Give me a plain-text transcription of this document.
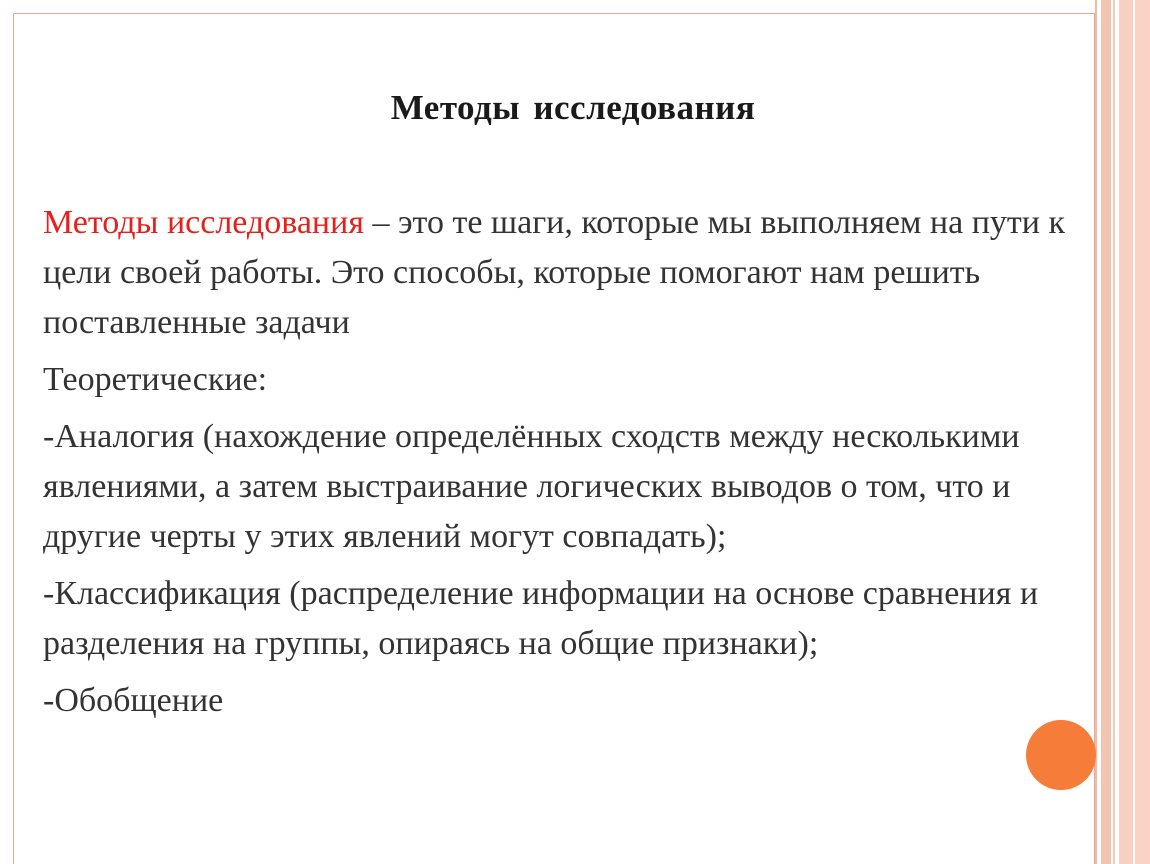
Методы исследования

Методы исследования – это те шаги, которые мы выполняем на пути к цели своей работы. Это способы, которые помогают нам решить поставленные задачи

Теоретические:

-Аналогия (нахождение определённых сходств между несколькими явлениями, а затем выстраивание логических выводов о том, что и другие черты у этих явлений могут совпадать);

-Классификация (распределение информации на основе сравнения и разделения на группы, опираясь на общие признаки);

-Обобщение
